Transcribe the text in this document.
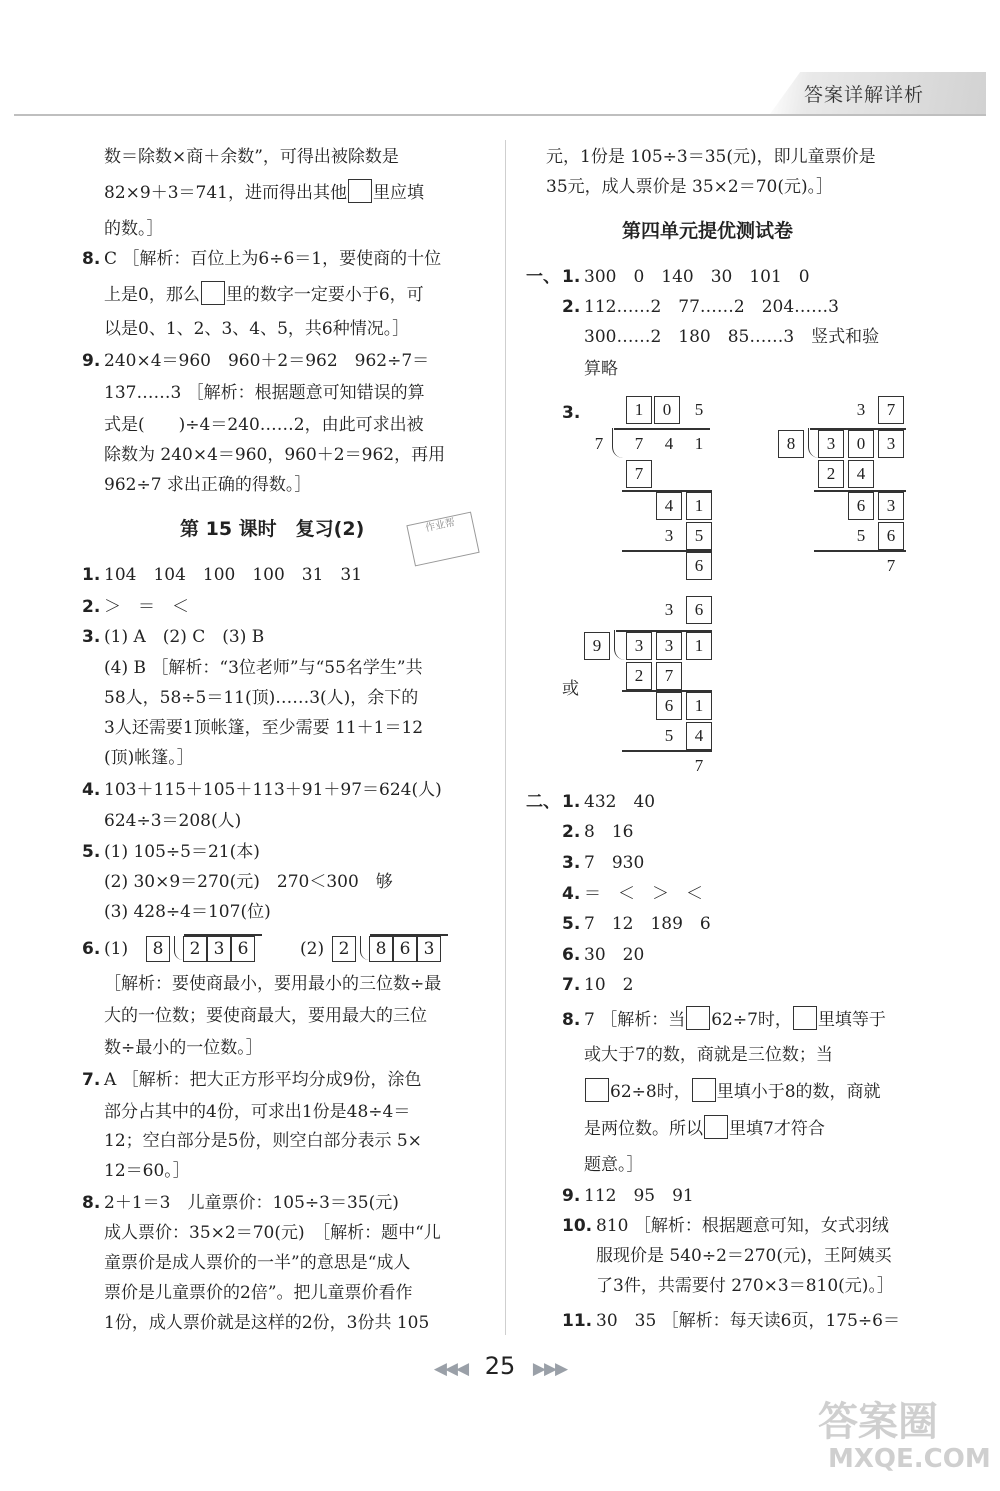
答案详解详析
数＝除数×商＋余数”，可得出被除数是
82×9＋3＝741，进而得出其他 里应填
的数。］
8. C ［解析：百位上为6÷6＝1，要使商的十位
上是0，那么 里的数字一定要小于6，可
以是0、1、2、3、4、5，共6种情况。］
9. 240×4＝960　960＋2＝962　962÷7＝
137……3 ［解析：根据题意可知错误的算
式是(　　)÷4＝240……2，由此可求出被
除数为 240×4＝960，960＋2＝962，再用
962÷7 求出正确的得数。］
第 15 课时　复习(2)	作业帮
1. 104　104　100　100　31　31
2. ＞　＝　＜
3. (1) A　(2) C　(3) B
(4) B ［解析：“3位老师”与“55名学生”共
58人，58÷5＝11(顶)……3(人)，余下的
3人还需要1顶帐篷，至少需要 11＋1＝12
(顶)帐篷。］
4. 103＋115＋105＋113＋91＋97＝624(人)
624÷3＝208(人)
5. (1) 105÷5＝21(本)
(2) 30×9＝270(元)　270＜300　够
(3) 428÷4＝107(位)
6. (1)	8 2 3 6	(2) 2 8 6 3
［解析：要使商最小，要用最小的三位数÷最
大的一位数；要使商最大，要用最大的三位
数÷最小的一位数。］
7. A ［解析：把大正方形平均分成9份，涂色
部分占其中的4份，可求出1份是48÷4＝
12；空白部分是5份，则空白部分表示 5×
12＝60。］
8. 2＋1＝3　儿童票价：105÷3＝35(元)
成人票价：35×2＝70(元)　［解析：题中“儿
童票价是成人票价的一半”的意思是“成人
票价是儿童票价的2倍”。把儿童票价看作
1份，成人票价就是这样的2份，3份共 105
元，1份是 105÷3＝35(元)，即儿童票价是
35元，成人票价是 35×2＝70(元)。］
第四单元提优测试卷
一、 1. 300　0　140　30　101　0
2. 112……2　77……2　204……3
300……2　180　85……3　竖式和验
算略
3.	1	0	5
7	7	4	1
7
4	1
3	5
6
3	7
8	3	0	3
2	4
6	3
5	6
7
或
3	6
9	3	3	1
2	7
6	1
5	4
7
二、 1. 432　40
2. 8　16
3. 7　930
4. ＝　＜　＞　＜
5. 7　12　189　6
6. 30　20
7. 10　2
8. 7 ［解析：当 62÷7时， 里填等于
或大于7的数，商就是三位数；当
62÷8时， 里填小于8的数，商就
是两位数。所以 里填7才符合
题意。］
9. 112　95　91
10. 810 ［解析：根据题意可知，女式羽绒
服现价是 540÷2＝270(元)，王阿姨买
了3件，共需要付 270×3＝810(元)。］
11. 30　35 ［解析：每天读6页，175÷6＝
◀◀◀ 25 ▶▶▶
答案圈
MXQE.COM
